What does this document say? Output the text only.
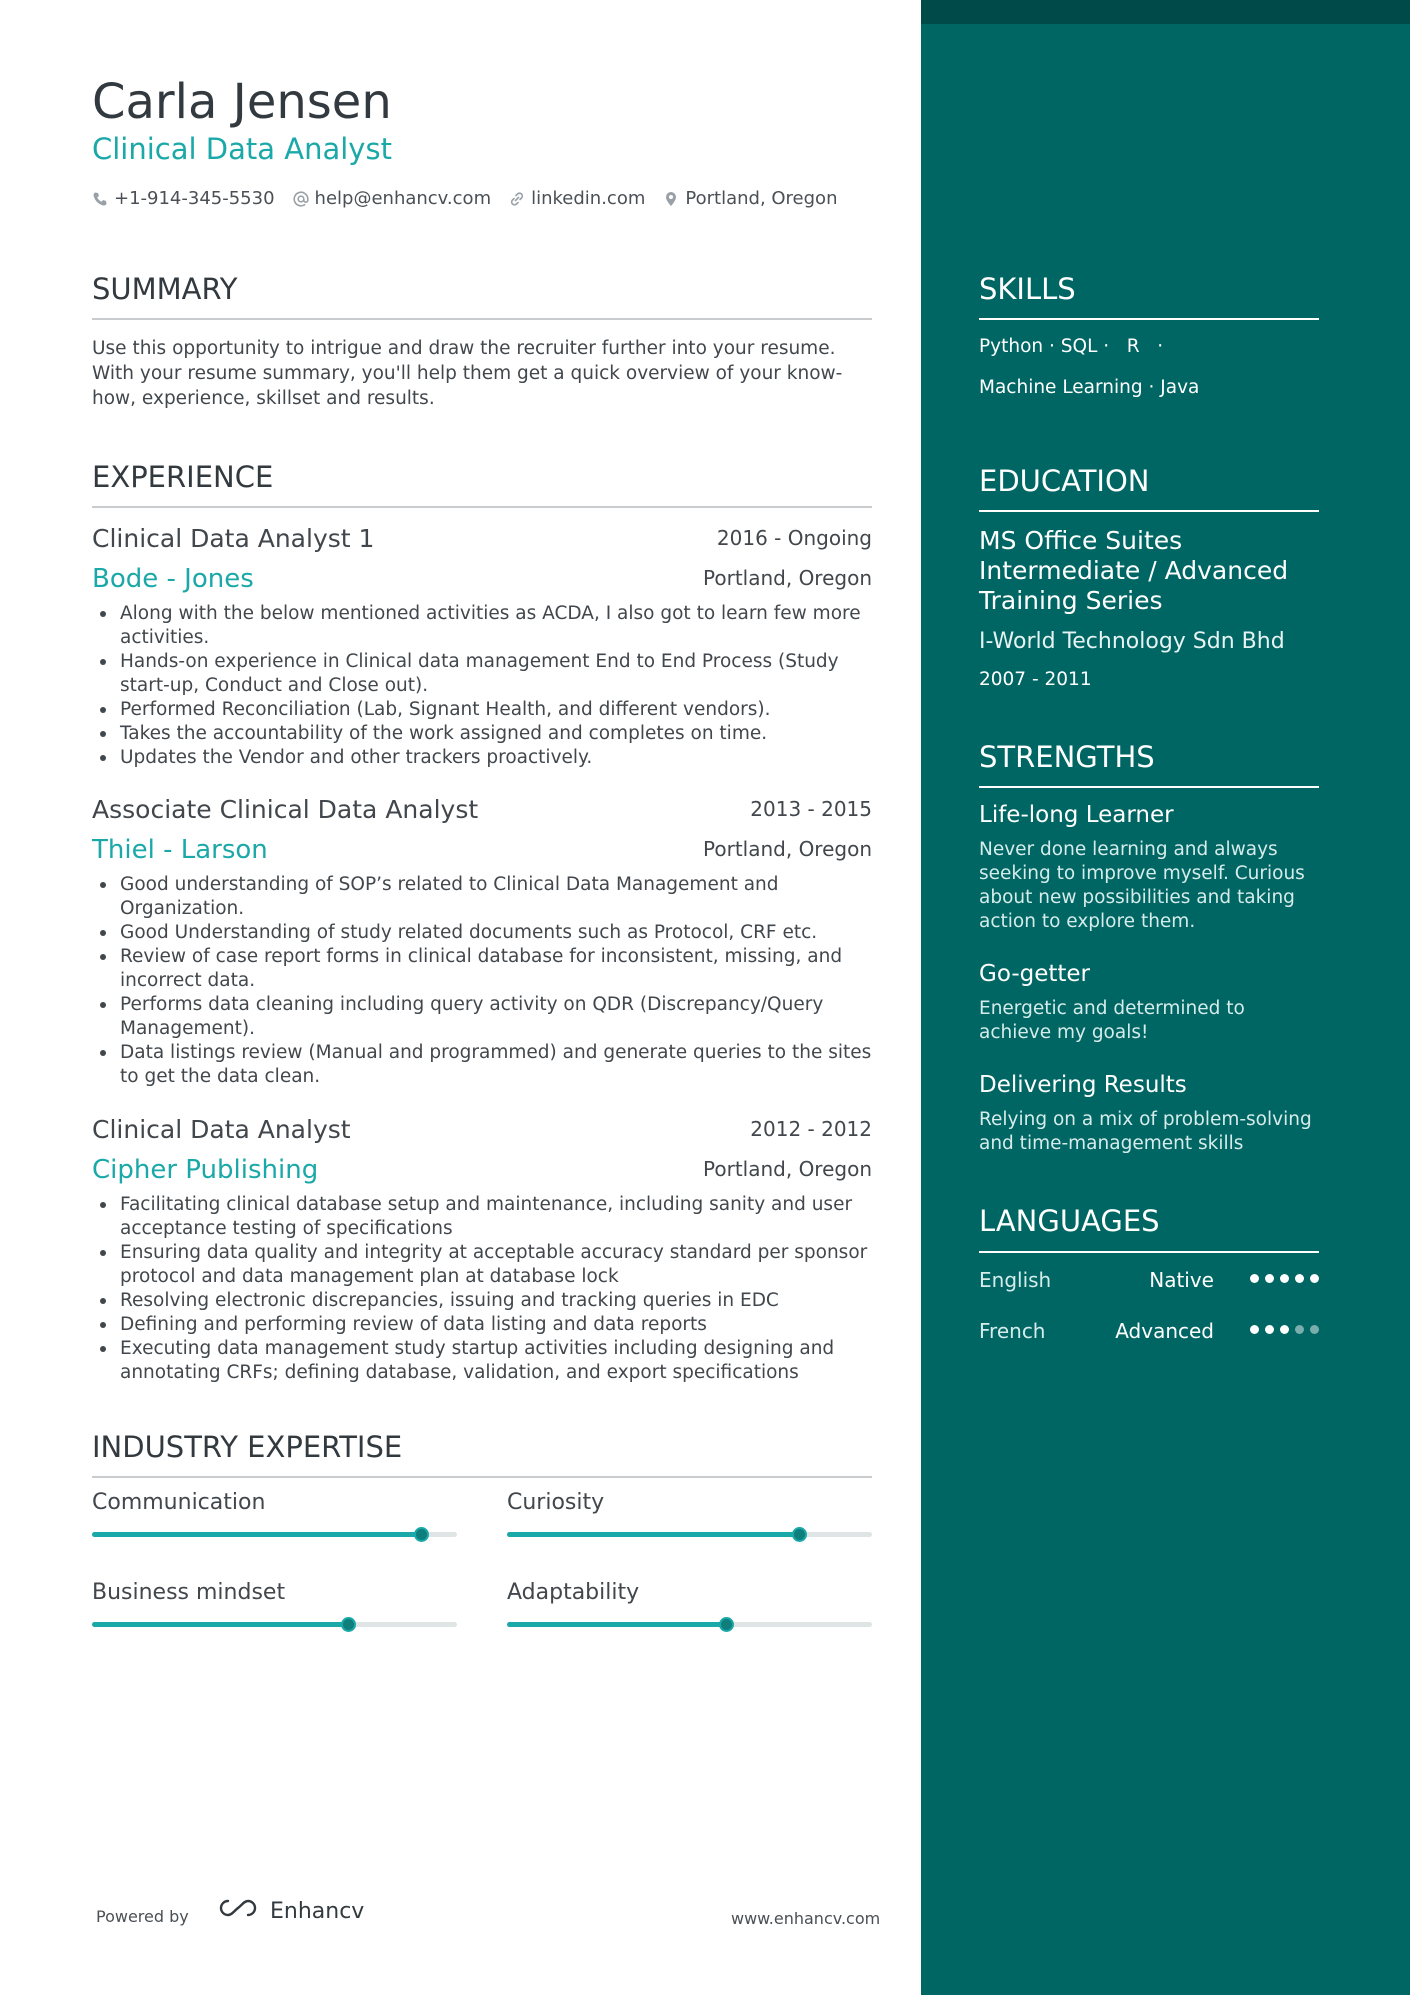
Carla Jensen
Clinical Data Analyst
+1-914-345-5530 help@enhancv.com linkedin.com Portland, Oregon
SUMMARY
Use this opportunity to intrigue and draw the recruiter further into your resume. With your resume summary, you'll help them get a quick overview of your know-how, experience, skillset and results.
EXPERIENCE
Clinical Data Analyst 1	2016 - Ongoing
Bode - Jones	Portland, Oregon
Along with the below mentioned activities as ACDA, I also got to learn few more activities.
Hands-on experience in Clinical data management End to End Process (Study start-up, Conduct and Close out).
Performed Reconciliation (Lab, Signant Health, and different vendors).
Takes the accountability of the work assigned and completes on time.
Updates the Vendor and other trackers proactively.
Associate Clinical Data Analyst	2013 - 2015
Thiel - Larson	Portland, Oregon
Good understanding of SOP’s related to Clinical Data Management and Organization.
Good Understanding of study related documents such as Protocol, CRF etc.
Review of case report forms in clinical database for inconsistent, missing, and incorrect data.
Performs data cleaning including query activity on QDR (Discrepancy/Query Management).
Data listings review (Manual and programmed) and generate queries to the sites to get the data clean.
Clinical Data Analyst	2012 - 2012
Cipher Publishing	Portland, Oregon
Facilitating clinical database setup and maintenance, including sanity and user acceptance testing of specifications
Ensuring data quality and integrity at acceptable accuracy standard per sponsor protocol and data management plan at database lock
Resolving electronic discrepancies, issuing and tracking queries in EDC
Defining and performing review of data listing and data reports
Executing data management study startup activities including designing and annotating CRFs; defining database, validation, and export specifications
INDUSTRY EXPERTISE
Communication	Curiosity
Business mindset	Adaptability
Powered by	Enhancv	www.enhancv.com
SKILLS
Python · SQL ·   R   ·
Machine Learning · Java
EDUCATION
MS Office Suites
Intermediate / Advanced
Training Series
I-World Technology Sdn Bhd
2007 - 2011
STRENGTHS
Life-long Learner
Never done learning and always seeking to improve myself. Curious about new possibilities and taking action to explore them.
Go-getter
Energetic and determined to achieve my goals!
Delivering Results
Relying on a mix of problem-solving and time-management skills
LANGUAGES
English	Native
French	Advanced
